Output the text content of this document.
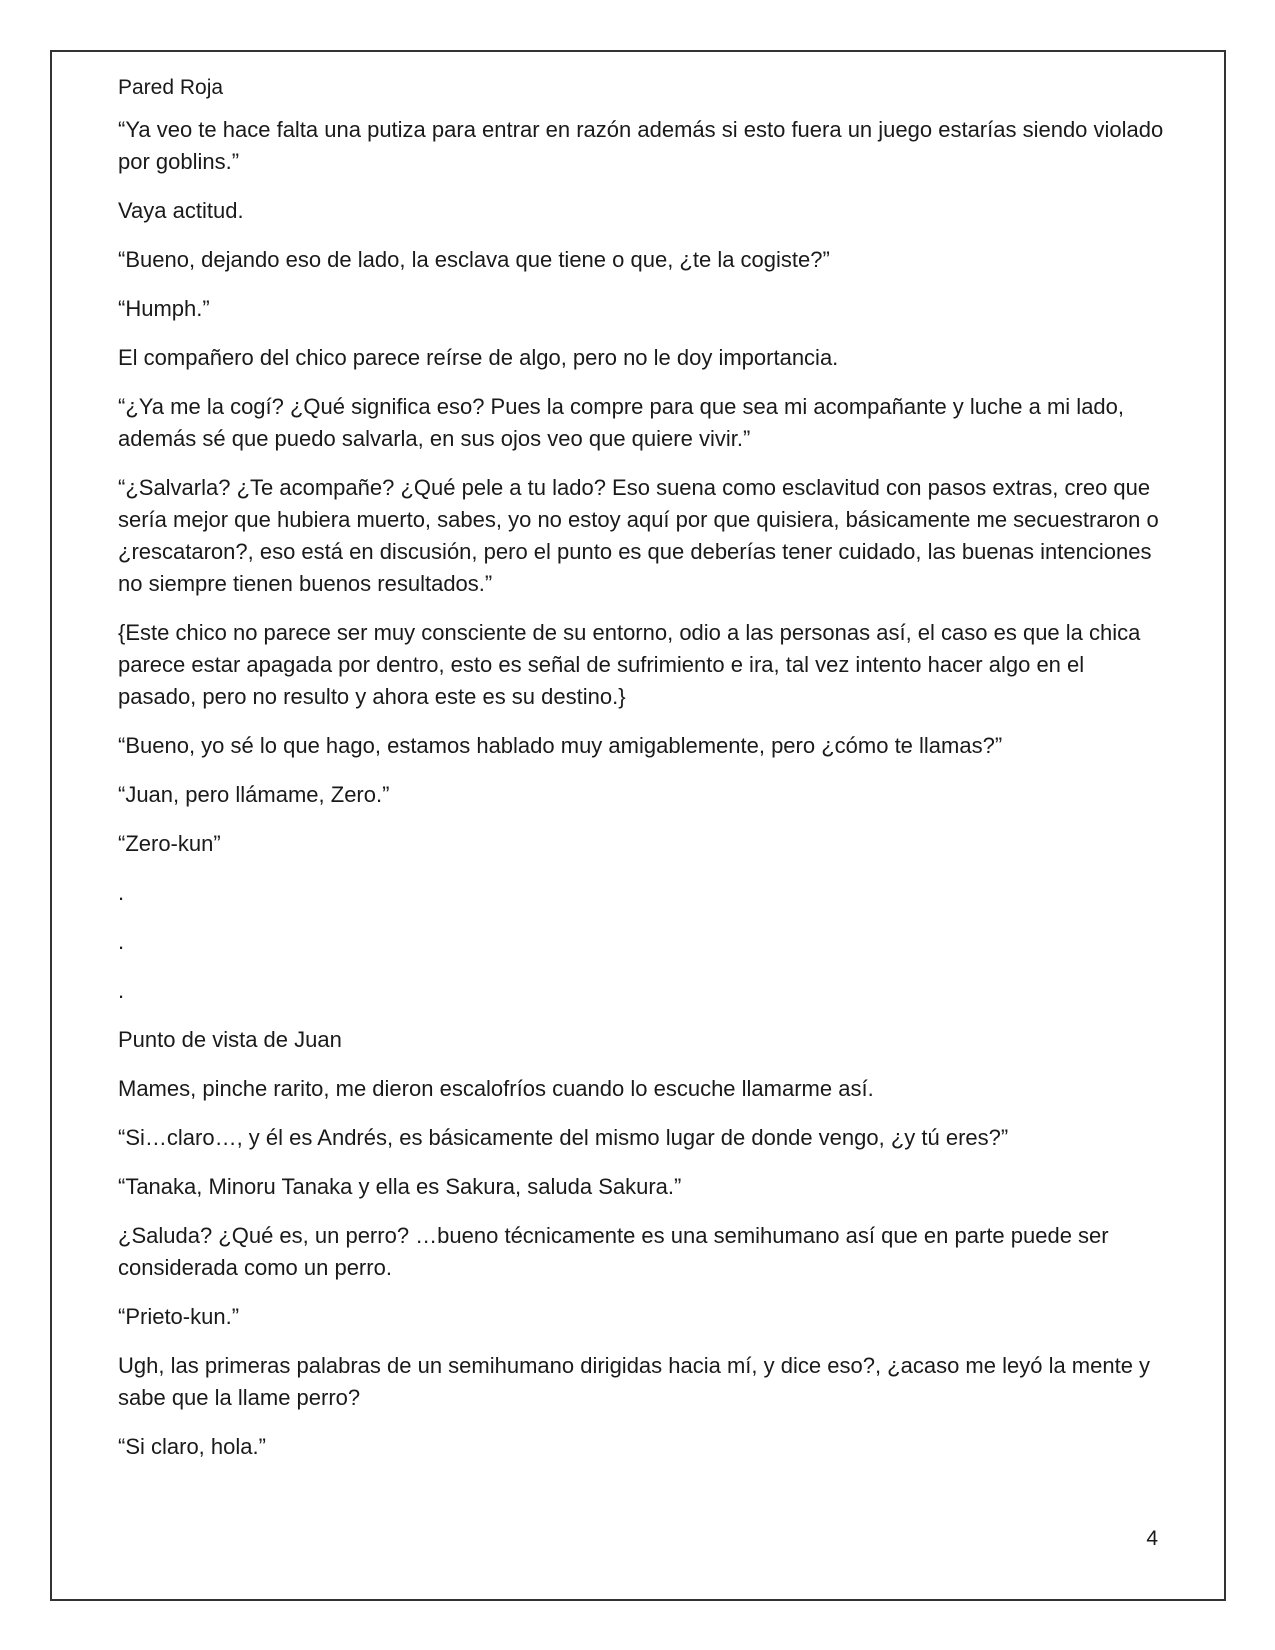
Pared Roja

“Ya veo te hace falta una putiza para entrar en razón además si esto fuera un juego estarías siendo violado por goblins.”

Vaya actitud.

“Bueno, dejando eso de lado, la esclava que tiene o que, ¿te la cogiste?”

“Humph.”

El compañero del chico parece reírse de algo, pero no le doy importancia.

“¿Ya me la cogí? ¿Qué significa eso? Pues la compre para que sea mi acompañante y luche a mi lado, además sé que puedo salvarla, en sus ojos veo que quiere vivir.”

“¿Salvarla? ¿Te acompañe? ¿Qué pele a tu lado? Eso suena como esclavitud con pasos extras, creo que sería mejor que hubiera muerto, sabes, yo no estoy aquí por que quisiera, básicamente me secuestraron o ¿rescataron?, eso está en discusión, pero el punto es que deberías tener cuidado, las buenas intenciones no siempre tienen buenos resultados.”

{Este chico no parece ser muy consciente de su entorno, odio a las personas así, el caso es que la chica parece estar apagada por dentro, esto es señal de sufrimiento e ira, tal vez intento hacer algo en el pasado, pero no resulto y ahora este es su destino.}

“Bueno, yo sé lo que hago, estamos hablado muy amigablemente, pero ¿cómo te llamas?”

“Juan, pero llámame, Zero.”

“Zero-kun”

.

.

.

Punto de vista de Juan

Mames, pinche rarito, me dieron escalofríos cuando lo escuche llamarme así.

“Si…claro…, y él es Andrés, es básicamente del mismo lugar de donde vengo, ¿y tú eres?”

“Tanaka, Minoru Tanaka y ella es Sakura, saluda Sakura.”

¿Saluda? ¿Qué es, un perro? …bueno técnicamente es una semihumano así que en parte puede ser considerada como un perro.

“Prieto-kun.”

Ugh, las primeras palabras de un semihumano dirigidas hacia mí, y dice eso?, ¿acaso me leyó la mente y sabe que la llame perro?

“Si claro, hola.”

4
